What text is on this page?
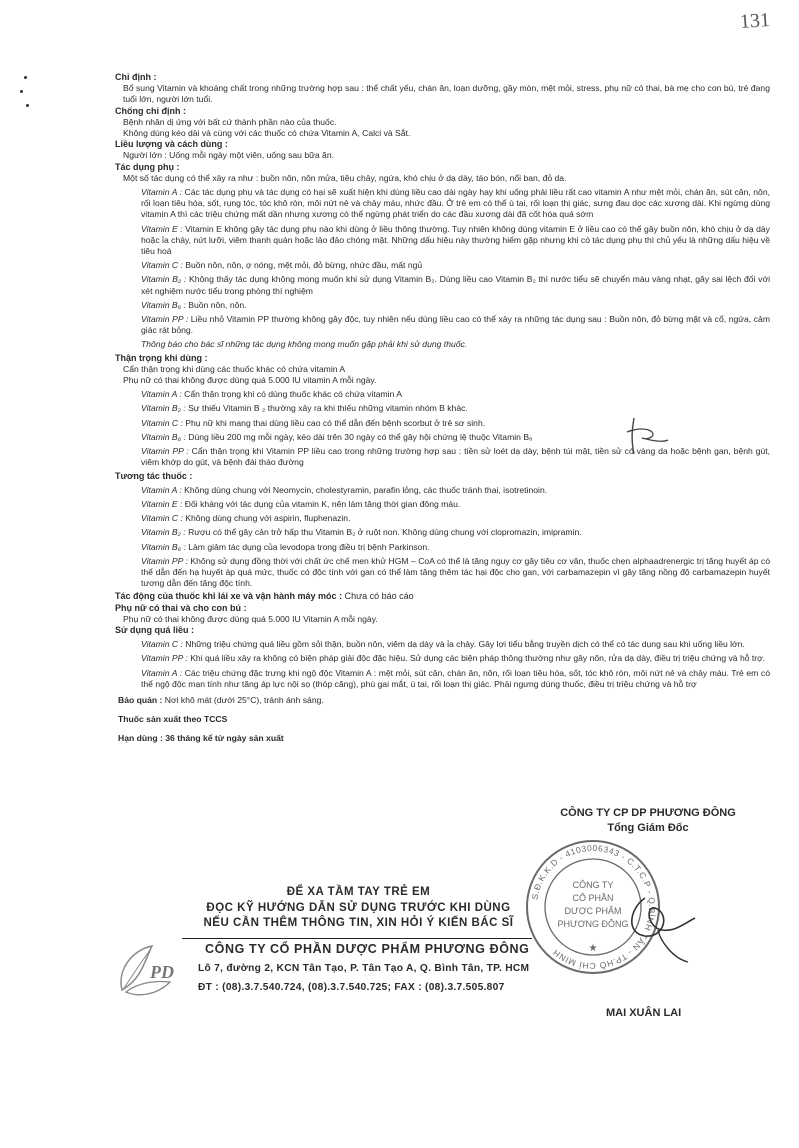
131
Chỉ định :
Bổ sung Vitamin và khoáng chất trong những trường hợp sau : thể chất yếu, chán ăn, loạn dưỡng, gầy mòn, mệt mỏi, stress, phụ nữ có thai, bà mẹ cho con bú, trẻ đang tuổi lớn, người lớn tuổi.
Chống chỉ định :
Bệnh nhân dị ứng với bất cứ thành phần nào của thuốc.
Không dùng kéo dài và cùng với các thuốc có chứa Vitamin A, Calci và Sắt.
Liều lượng và cách dùng :
Người lớn : Uống mỗi ngày một viên, uống sau bữa ăn.
Tác dụng phụ :
Một số tác dụng có thể xảy ra như : buồn nôn, nôn mửa, tiêu chảy, ngứa, khó chịu ở dạ dày, táo bón, nổi ban, đỏ da.
Vitamin A : Các tác dụng phụ và tác dụng có hại sẽ xuất hiện khi dùng liều cao dài ngày hay khi uống phải liều rất cao vitamin A như mệt mỏi, chán ăn, sút cân, nôn, rối loạn tiêu hóa, sốt, rụng tóc, tóc khô ròn, môi nứt nẻ và chảy máu, nhức đầu. Ở trẻ em có thể ù tai, rối loạn thị giác, sưng đau dọc các xương dài. Khi ngừng dùng vitamin A thì các triệu chứng mất dần nhưng xương có thể ngừng phát triển do các đầu xương dài đã cốt hóa quá sớm
Vitamin E : Vitamin E không gây tác dụng phụ nào khi dùng ở liều thông thường. Tuy nhiên không dùng vitamin E ở liều cao có thể gây buồn nôn, khó chịu ở dạ dày hoặc ỉa chảy, nứt lưỡi, viêm thanh quản hoặc lảo đảo chóng mặt. Những dấu hiệu này thường hiếm gặp nhưng khi có tác dụng phụ thì chủ yếu là những dấu hiệu về tiêu hoá
Vitamin C : Buồn nôn, nôn, ợ nóng, mệt mỏi, đỏ bừng, nhức đầu, mất ngủ
Vitamin B₂ : Không thấy tác dụng không mong muốn khi sử dụng Vitamin B₂. Dùng liều cao Vitamin B₂ thì nước tiểu sẽ chuyển màu vàng nhạt, gây sai lệch đối với xét nghiệm nước tiểu trong phòng thí nghiệm
Vitamin B₆ : Buồn nôn, nôn.
Vitamin PP : Liều nhỏ Vitamin PP thường không gây độc, tuy nhiên nếu dùng liều cao có thể xảy ra những tác dụng sau : Buồn nôn, đỏ bừng mặt và cổ, ngứa, cảm giác rát bỏng.
Thông báo cho bác sĩ những tác dụng không mong muốn gặp phải khi sử dụng thuốc.
Thận trọng khi dùng :
Cẩn thận trọng khi dùng các thuốc khác có chứa vitamin A
Phụ nữ có thai không được dùng quá 5.000 IU vitamin A mỗi ngày.
Vitamin A : Cẩn thận trọng khi có dùng thuốc khác có chứa vitamin A
Vitamin B₂ : Sự thiếu Vitamin B ₂ thường xảy ra khi thiếu những vitamin nhóm B khác.
Vitamin C : Phụ nữ khi mang thai dùng liều cao có thể dẫn đến bệnh scorbut ở trẻ sơ sinh.
Vitamin B₆ : Dùng liều 200 mg mỗi ngày, kéo dài trên 30 ngày có thể gây hội chứng lệ thuộc Vitamin B₆
Vitamin PP : Cẩn thận trọng khi Vitamin PP liều cao trong những trường hợp sau : tiền sử loét dạ dày, bệnh túi mật, tiền sử có vàng da hoặc bệnh gan, bệnh gút, viêm khớp do gút, và bệnh đái tháo đường
Tương tác thuốc :
Vitamin A : Không dùng chung với Neomycin, cholestyramin, parafin lỏng, các thuốc tránh thai, isotretinoin.
Vitamin E : Đối kháng với tác dụng của vitamin K, nên làm tăng thời gian đông máu.
Vitamin C : Không dùng chung với aspirin, fluphenazin.
Vitamin B₂ : Rượu có thể gây cản trở hấp thu Vitamin B₂ ở ruột non. Không dùng chung với clopromazin, imipramin.
Vitamin B₆ : Làm giảm tác dụng của levodopa trong điều trị bệnh Parkinson.
Vitamin PP : Không sử dụng đồng thời với chất ức chế men khử HGM – CoA có thể là tăng nguy cơ gây tiêu cơ vân, thuốc chẹn alphaadrenergic trị tăng huyết áp có thể dẫn đến hạ huyết áp quá mức, thuốc có độc tính với gan có thể làm tăng thêm tác hại độc cho gan, với carbamazepin vì gây tăng nồng độ carbamazepin huyết tương dẫn đến tăng độc tính.
Tác động của thuốc khi lái xe và vận hành máy móc : Chưa có báo cáo
Phụ nữ có thai và cho con bú :
Phụ nữ có thai không được dùng quá 5.000 IU Vitamin A mỗi ngày.
Sử dụng quá liều :
Vitamin C : Những triệu chứng quá liều gồm sỏi thận, buồn nôn, viêm dạ dày và ỉa chảy. Gây lợi tiểu bằng truyền dịch có thể có tác dụng sau khi uống liều lớn.
Vitamin PP : Khi quá liều xảy ra không có biện pháp giải độc đặc hiệu. Sử dụng các biện pháp thông thường như gây nôn, rửa dạ dày, điều trị triệu chứng và hỗ trợ.
Vitamin A : Các triệu chứng đặc trưng khi ngộ độc Vitamin A : mệt mỏi, sút cân, chán ăn, nôn, rối loạn tiêu hóa, sốt, tóc khô ròn, môi nứt nẻ và chảy máu. Trẻ em có thể ngộ độc mạn tính như tăng áp lực nội sọ (thóp căng), phù gai mắt, ù tai, rối loạn thị giác. Phải ngưng dùng thuốc, điều trị triệu chứng và hỗ trợ
Bảo quản : Nơi khô mát (dưới 25°C), tránh ánh sáng.
Thuốc sản xuất theo TCCS
Hạn dùng : 36 tháng kể từ ngày sản xuất
CÔNG TY CP DP PHƯƠNG ĐÔNG
Tổng Giám Đốc
S.Đ.K.K.D - 4103006343 - C.T.C.P - Q.BÌNH TÂN - TP.HỒ CHÍ MINH
CÔNG TY
CỔ PHẦN
DƯỢC PHẨM
PHƯƠNG ĐÔNG
★
MAI XUÂN LAI
ĐỂ XA TẦM TAY TRẺ EM
ĐỌC KỸ HƯỚNG DẪN SỬ DỤNG TRƯỚC KHI DÙNG
NẾU CẦN THÊM THÔNG TIN, XIN HỎI Ý KIẾN BÁC SĨ
PD
CÔNG TY CỔ PHẦN DƯỢC PHẨM PHƯƠNG ĐÔNG
Lô 7, đường 2, KCN Tân Tạo, P. Tân Tạo A, Q. Bình Tân, TP. HCM
ĐT : (08).3.7.540.724, (08).3.7.540.725; FAX : (08).3.7.505.807
